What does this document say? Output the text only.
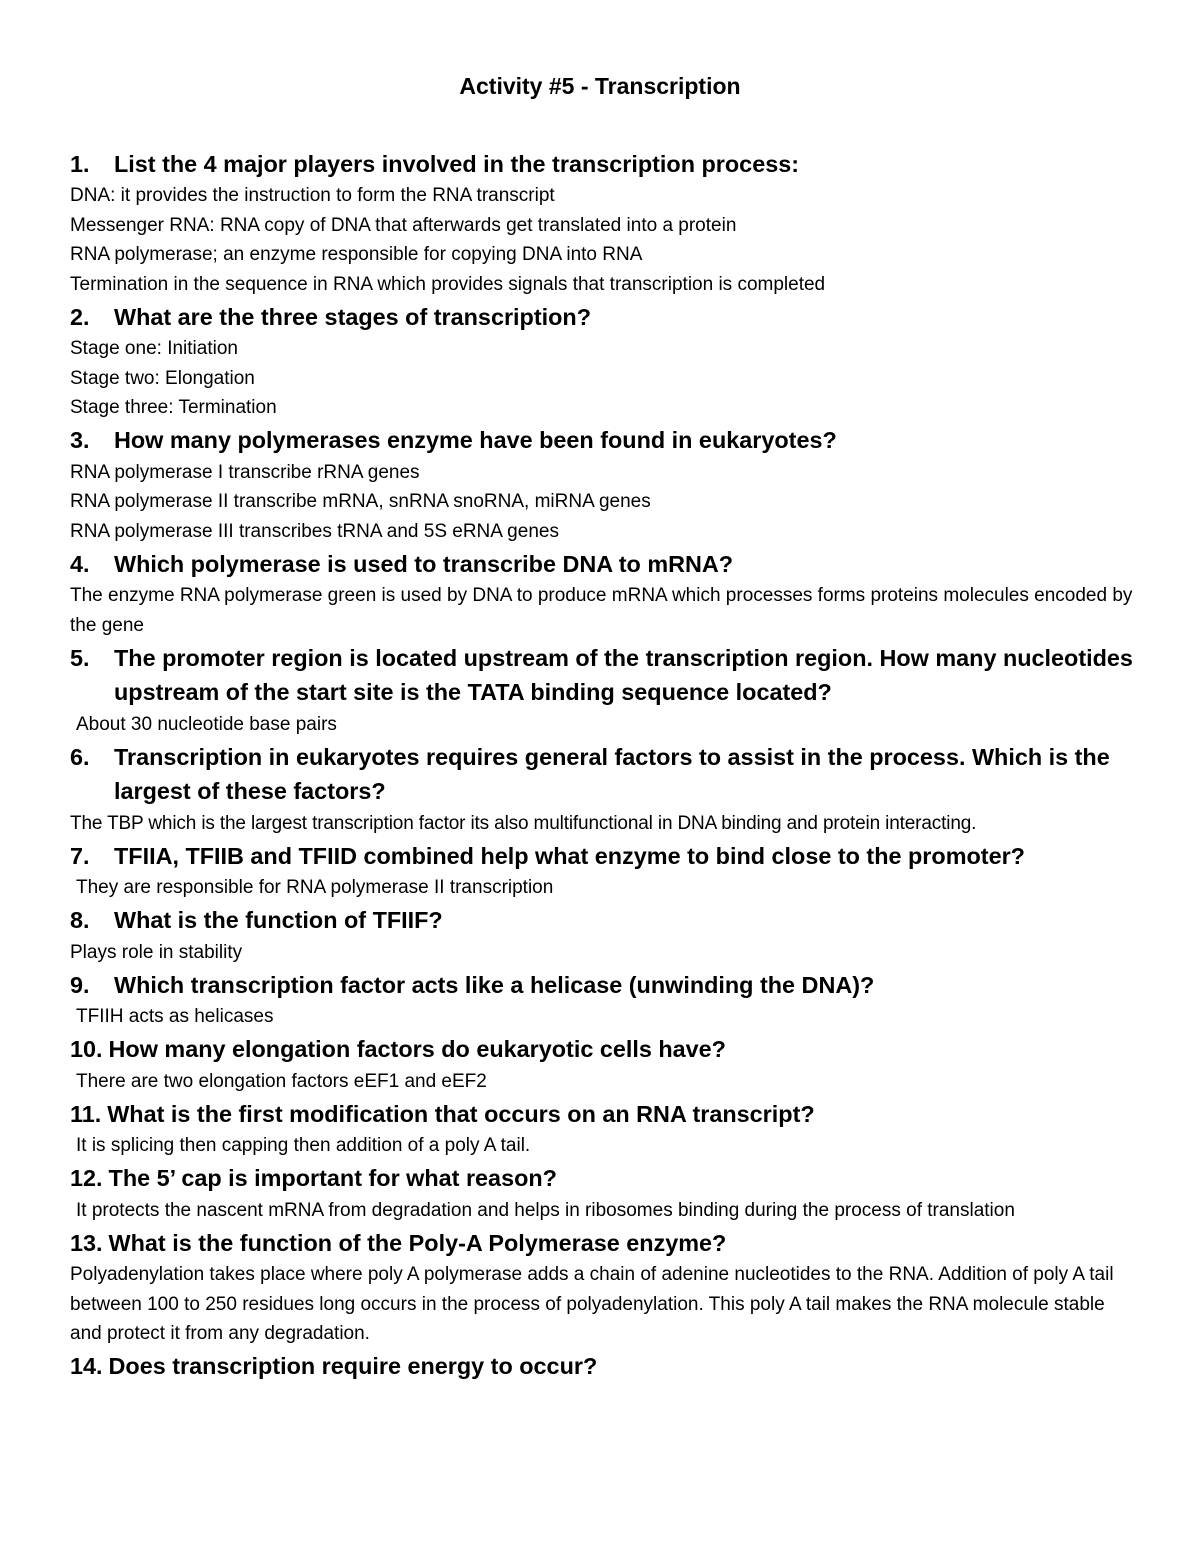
Activity #5 - Transcription
1.	List the 4 major players involved in the transcription process:
DNA: it provides the instruction to form the RNA transcript
Messenger RNA: RNA copy of DNA that afterwards get translated into a protein
RNA polymerase; an enzyme responsible for copying DNA into RNA
Termination in the sequence in RNA which provides signals that transcription is completed
2.	What are the three stages of transcription?
Stage one: Initiation
Stage two: Elongation
Stage three: Termination
3.	How many polymerases enzyme have been found in eukaryotes?
RNA polymerase I transcribe rRNA genes
RNA polymerase II transcribe mRNA, snRNA snoRNA, miRNA genes
RNA polymerase III transcribes tRNA and 5S eRNA genes
4.	Which polymerase is used to transcribe DNA to mRNA?
The enzyme RNA polymerase green is used by DNA to produce mRNA which processes forms proteins molecules encoded by the gene
5.	The promoter region is located upstream of the transcription region. How many nucleotides upstream of the start site is the TATA binding sequence located?
About 30 nucleotide base pairs
6.	Transcription in eukaryotes requires general factors to assist in the process. Which is the largest of these factors?
The TBP which is the largest transcription factor its also multifunctional in DNA binding and protein interacting.
7.	TFIIA, TFIIB and TFIID combined help what enzyme to bind close to the promoter?
They are responsible for RNA polymerase II transcription
8.	What is the function of TFIIF?
Plays role in stability
9.	Which transcription factor acts like a helicase (unwinding the DNA)?
TFIIH acts as helicases
10. How many elongation factors do eukaryotic cells have?
There are two elongation factors eEF1 and eEF2
11. What is the first modification that occurs on an RNA transcript?
It is splicing then capping then addition of a poly A tail.
12. The 5’ cap is important for what reason?
It protects the nascent mRNA from degradation and helps in ribosomes binding during the process of translation
13. What is the function of the Poly-A Polymerase enzyme?
Polyadenylation takes place where poly A polymerase adds a chain of adenine nucleotides to the RNA. Addition of poly A tail between 100 to 250 residues long occurs in the process of polyadenylation. This poly A tail makes the RNA molecule stable and protect it from any degradation.
14. Does transcription require energy to occur?
